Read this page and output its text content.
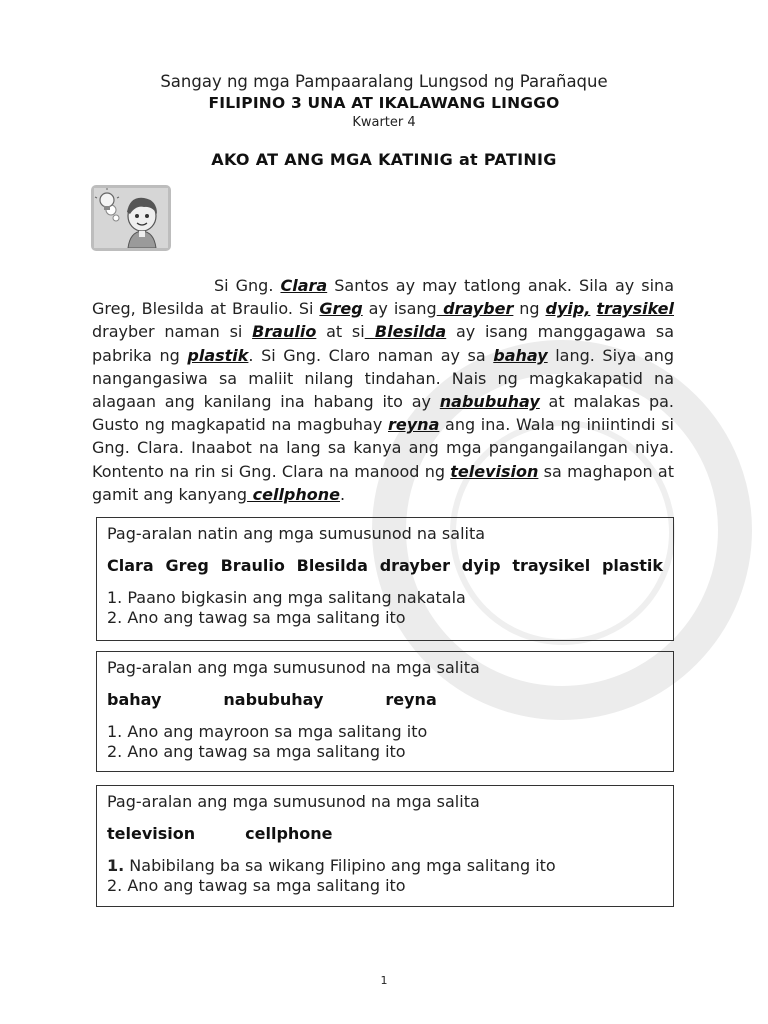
Sangay ng mga Pampaaralang Lungsod ng Parañaque
FILIPINO 3 UNA AT IKALAWANG LINGGO
Kwarter 4
AKO AT ANG MGA KATINIG at PATINIG
Si Gng. Clara Santos ay may tatlong anak. Sila ay sina Greg, Blesilda at Braulio. Si Greg ay isang drayber ng dyip, traysikel drayber naman si Braulio at si Blesilda ay isang manggagawa sa pabrika ng plastik. Si Gng. Claro naman ay sa bahay lang. Siya ang nangangasiwa sa maliit nilang tindahan. Nais ng magkakapatid na alagaan ang kanilang ina habang ito ay nabubuhay at malakas pa. Gusto ng magkapatid na magbuhay reyna ang ina. Wala ng iniintindi si Gng. Clara. Inaabot na lang sa kanya ang mga pangangailangan niya. Kontento na rin si Gng. Clara na manood ng television sa maghapon at gamit ang kanyang cellphone.
Pag-aralan natin ang mga sumusunod na salita
Clara Greg Braulio Blesilda drayber dyip traysikel plastik
1. Paano bigkasin ang mga salitang nakatala
2. Ano ang tawag sa mga salitang ito
Pag-aralan ang mga sumusunod na mga salita
bahay	nabubuhay	reyna
1. Ano ang mayroon sa mga salitang ito
2. Ano ang tawag sa mga salitang ito
Pag-aralan ang mga sumusunod na mga salita
television	cellphone
1. Nabibilang ba sa wikang Filipino ang mga salitang ito
2. Ano ang tawag sa mga salitang ito
1
